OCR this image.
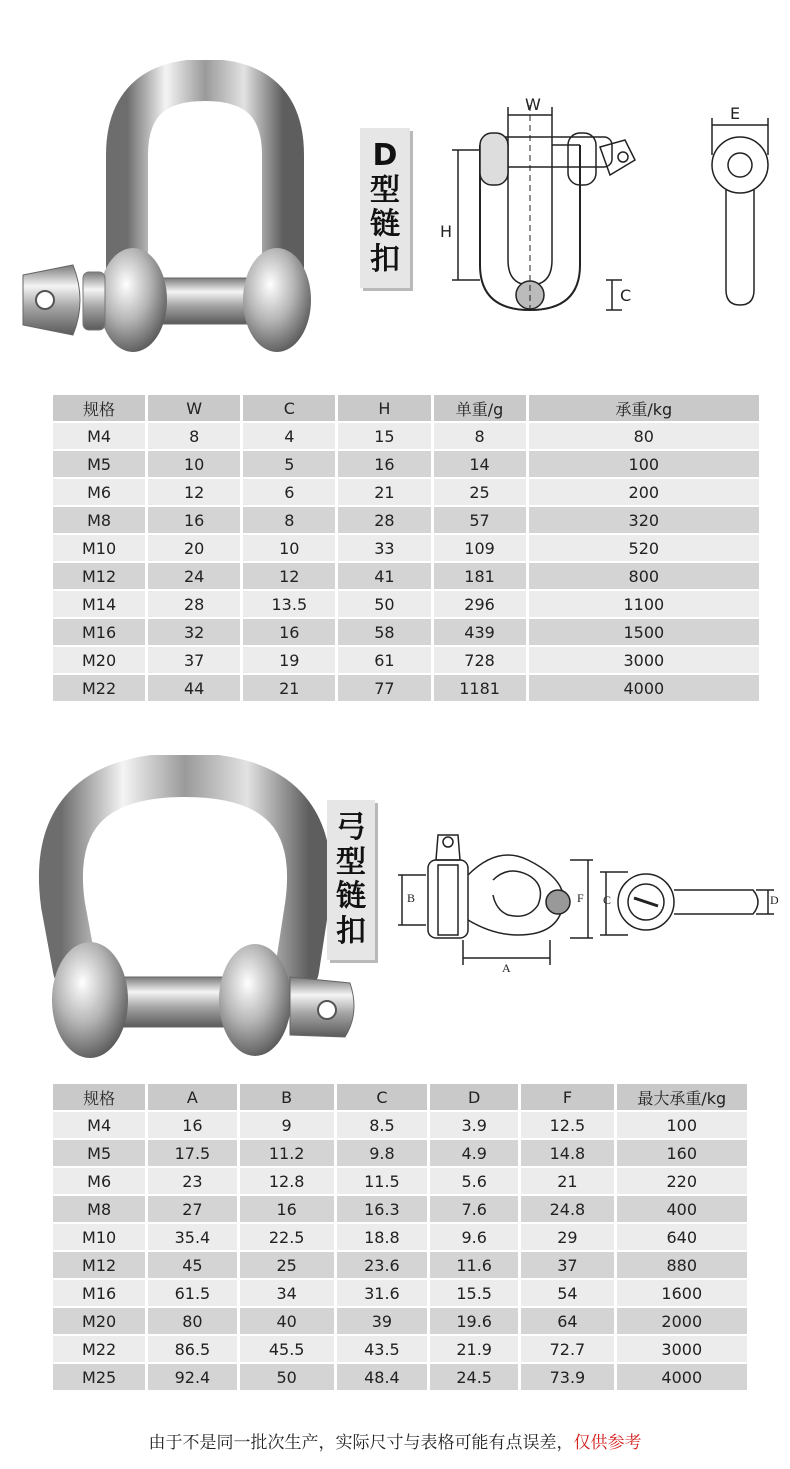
D
型
链
扣
W
H
C
E
规格	W	C	H	单重/g	承重/kg
M4	8	4	15	8	80
M5	10	5	16	14	100
M6	12	6	21	25	200
M8	16	8	28	57	320
M10	20	10	33	109	520
M12	24	12	41	181	800
M14	28	13.5	50	296	1100
M16	32	16	58	439	1500
M20	37	19	61	728	3000
M22	44	21	77	1181	4000
弓
型
链
扣
B	F
A
C	D
规格	A	B	C	D	F	最大承重/kg
M4	16	9	8.5	3.9	12.5	100
M5	17.5	11.2	9.8	4.9	14.8	160
M6	23	12.8	11.5	5.6	21	220
M8	27	16	16.3	7.6	24.8	400
M10	35.4	22.5	18.8	9.6	29	640
M12	45	25	23.6	11.6	37	880
M16	61.5	34	31.6	15.5	54	1600
M20	80	40	39	19.6	64	2000
M22	86.5	45.5	43.5	21.9	72.7	3000
M25	92.4	50	48.4	24.5	73.9	4000
由于不是同一批次生产，实际尺寸与表格可能有点误差，仅供参考
